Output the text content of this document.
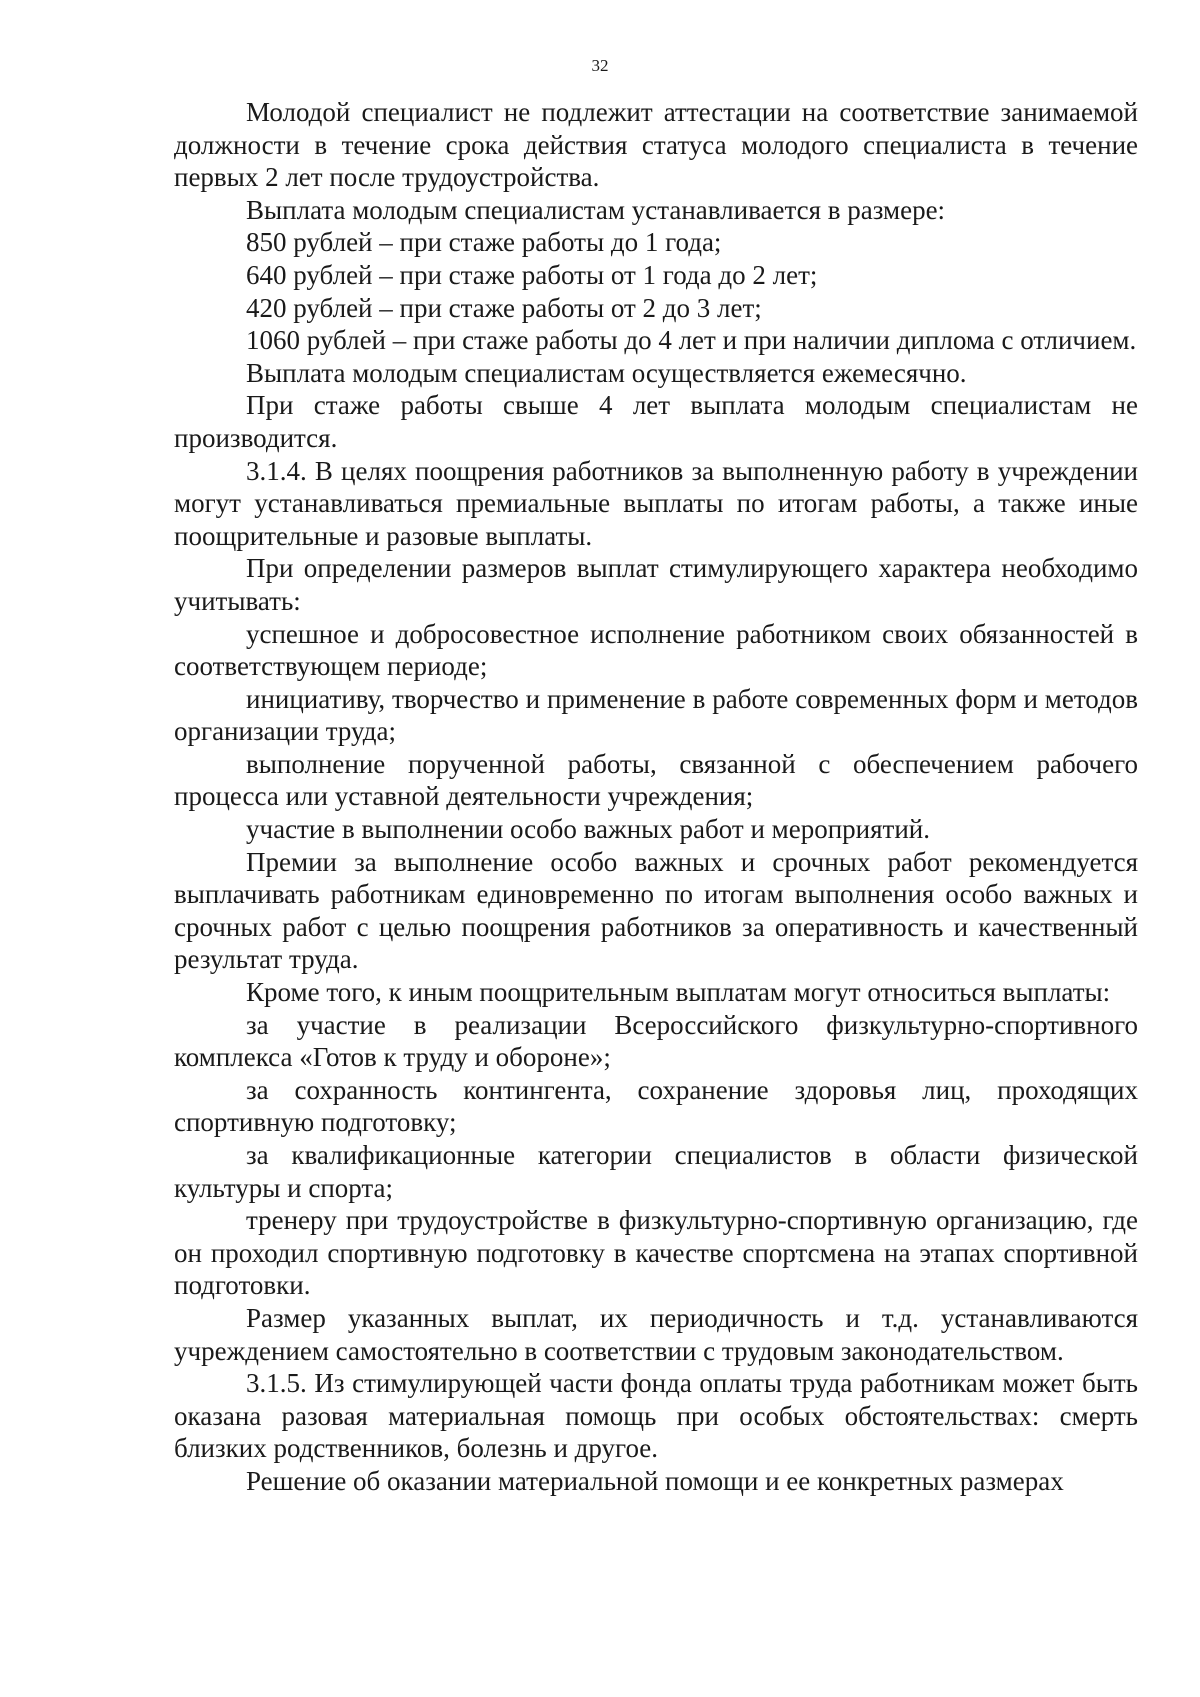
32

Молодой специалист не подлежит аттестации на соответствие занимаемой должности в течение срока действия статуса молодого специалиста в течение первых 2 лет после трудоустройства.

Выплата молодым специалистам устанавливается в размере:

850 рублей – при стаже работы до 1 года;

640 рублей – при стаже работы от 1 года до 2 лет;

420 рублей – при стаже работы от 2 до 3 лет;

1060 рублей – при стаже работы до 4 лет и при наличии диплома с отличием.

Выплата молодым специалистам осуществляется ежемесячно.

При стаже работы свыше 4 лет выплата молодым специалистам не производится.

3.1.4. В целях поощрения работников за выполненную работу в учреждении могут устанавливаться премиальные выплаты по итогам работы, а также иные поощрительные и разовые выплаты.

При определении размеров выплат стимулирующего характера необходимо учитывать:

успешное и добросовестное исполнение работником своих обязанностей в соответствующем периоде;

инициативу, творчество и применение в работе современных форм и методов организации труда;

выполнение порученной работы, связанной с обеспечением рабочего процесса или уставной деятельности учреждения;

участие в выполнении особо важных работ и мероприятий.

Премии за выполнение особо важных и срочных работ рекомендуется выплачивать работникам единовременно по итогам выполнения особо важных и срочных работ с целью поощрения работников за оперативность и качественный результат труда.

Кроме того, к иным поощрительным выплатам могут относиться выплаты:

за участие в реализации Всероссийского физкультурно-спортивного комплекса «Готов к труду и обороне»;

за сохранность контингента, сохранение здоровья лиц, проходящих спортивную подготовку;

за квалификационные категории специалистов в области физической культуры и спорта;

тренеру при трудоустройстве в физкультурно-спортивную организацию, где он проходил спортивную подготовку в качестве спортсмена на этапах спортивной подготовки.

Размер указанных выплат, их периодичность и т.д. устанавливаются учреждением самостоятельно в соответствии с трудовым законодательством.

3.1.5. Из стимулирующей части фонда оплаты труда работникам может быть оказана разовая материальная помощь при особых обстоятельствах: смерть близких родственников, болезнь и другое.

Решение об оказании материальной помощи и ее конкретных размерах
